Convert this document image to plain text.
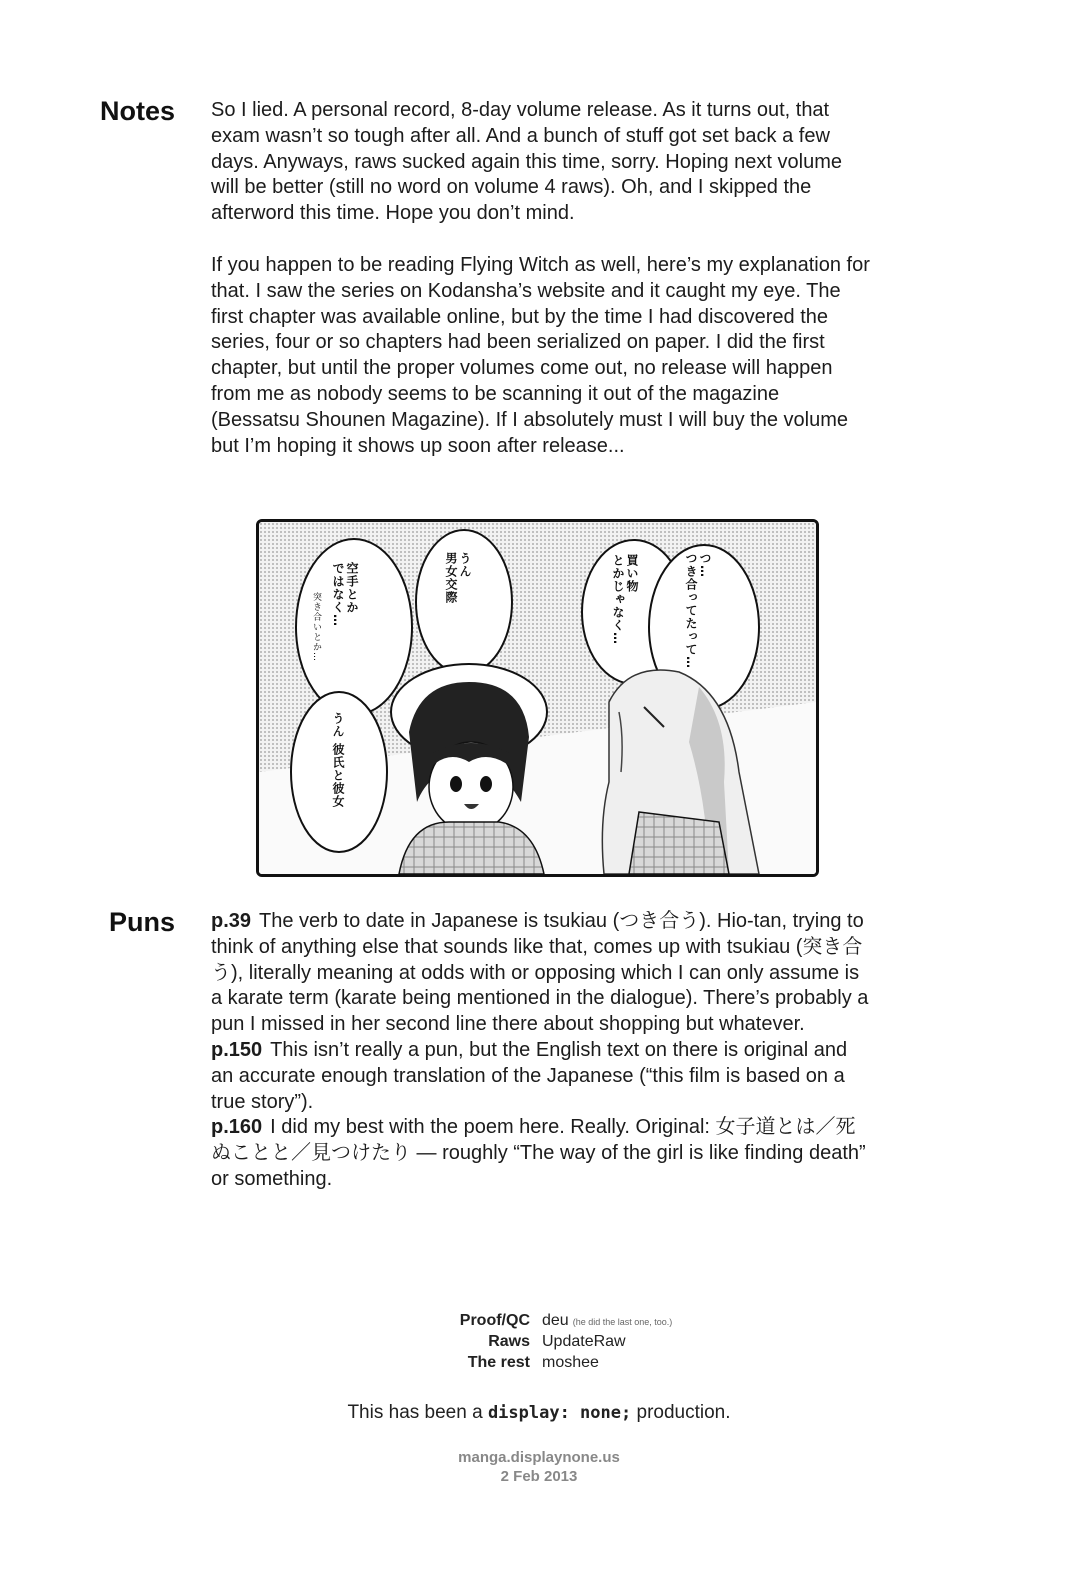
Notes So I lied. A personal record, 8-day volume release. As it turns out, that exam wasn’t so tough after all. And a bunch of stuff got set back a few days. Anyways, raws sucked again this time, sorry. Hoping next volume will be better (still no word on volume 4 raws). Oh, and I skipped the afterword this time. Hope you don’t mind.

If you happen to be reading Flying Witch as well, here’s my explanation for that. I saw the series on Kodansha’s website and it caught my eye. The first chapter was available online, but by the time I had discovered the series, four or so chapters had been serialized on paper. I did the first chapter, but until the proper volumes come out, no release will happen from me as nobody seems to be scanning it out of the magazine (Bessatsu Shounen Magazine). If I absolutely must I will buy the volume but I’m hoping it shows up soon after release...

空手とか
ではなく…
突き合いとか…
うん
男女交際
うん 彼氏と彼女
買い物
とかじゃなく…	つ…
つき合ってたって…
Puns p.39 The verb to date in Japanese is tsukiau (つき合う). Hio-tan, trying to think of anything else that sounds like that, comes up with tsukiau (突き合う), literally meaning at odds with or opposing which I can only assume is a karate term (karate being mentioned in the dialogue). There’s probably a pun I missed in her second line there about shopping but whatever.

p.150 This isn’t really a pun, but the English text on there is original and an accurate enough translation of the Japanese (“this film is based on a true story”).

p.160 I did my best with the poem here. Really. Original: 女子道とは／死ぬことと／見つけたり — roughly “The way of the girl is like finding death” or something.

Proof/QC deu (he did the last one, too.)
Raws UpdateRaw
The rest moshee
This has been a display: none; production.
manga.displaynone.us
2 Feb 2013
